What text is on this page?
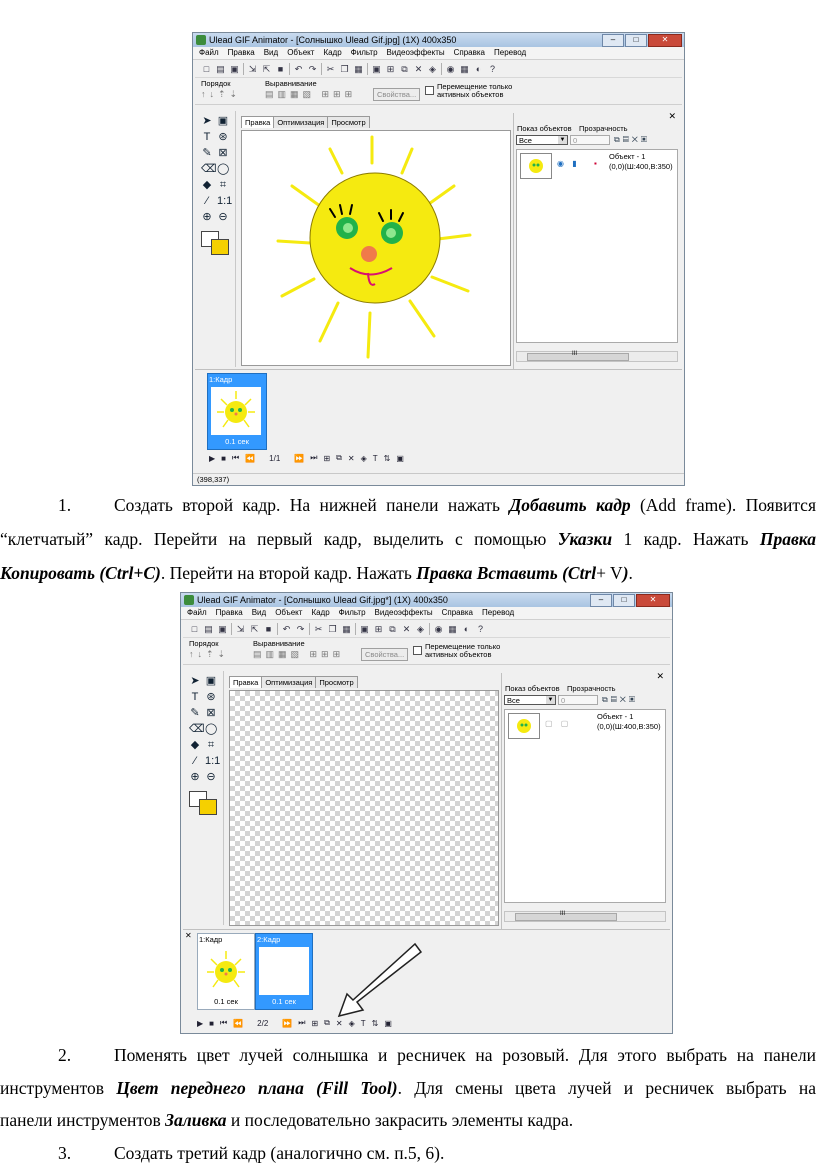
Ulead GIF Animator - [Солнышко Ulead Gif.jpg] (1X) 400x350	–	□	✕
Файл Правка Вид Объект Кадр Фильтр Видеоэффекты Справка Перевод
□ ▤ ▣ ⇲ ⇱ ■	↶ ↷ ✂ ❐ ▦ ▣ ⊞ ⧉ ✕ ◈ ◉ ▦ ◐ ?
Порядок	Выравнивание
↑↓⇡⇣	▤▥▦▧ ⊞⊞⊞	Свойства...
Перемещение только
активных объектов
➤ ▣
T ⊛
✎ ⊠
⌫ ◯
◆ ⌗
⁄ 1:1
⊕ ⊖
Правка Оптимизация Просмотр
Показ объектов Прозрачность
✕
Все ▼	0	⧉▤✕▣
◉ ▮ ▪
Объект - 1
(0,0)(Ш:400,В:350)
III
1:Кадр
0.1 сек
▶ ■ ⏮ ⏪ 1/1 ⏩ ⏭ ⊞ ⧉ ✕ ◈ T ⇅ ▣
(398,337)
1. Создать второй кадр. На нижней панели нажать Добавить кадр (Add frame). Появится
“клетчатый” кадр. Перейти на первый кадр, выделить с помощью Указки 1 кадр. Нажать Правка
Копировать (Ctrl+C). Перейти на второй кадр. Нажать Правка Вставить (Ctrl+ V).
Ulead GIF Animator - [Солнышко Ulead Gif.jpg*] (1X) 400x350	–	□	✕
Файл Правка Вид Объект Кадр Фильтр Видеоэффекты Справка Перевод
□ ▤ ▣ ⇲ ⇱ ■	↶ ↷ ✂ ❐ ▦ ▣ ⊞ ⧉ ✕ ◈ ◉ ▦ ◐ ?
Порядок	Выравнивание
↑↓⇡⇣	▤▥▦▧ ⊞⊞⊞	Свойства...
Перемещение только
активных объектов
➤ ▣
T ⊛
✎ ⊠
⌫ ◯
◆ ⌗
⁄ 1:1
⊕ ⊖
Правка Оптимизация Просмотр
Показ объектов Прозрачность
✕
Все ▼	0	⧉▤✕▣
▢ ▢
Объект - 1
(0,0)(Ш:400,В:350)
III
✕ 1:Кадр
0.1 сек
2:Кадр
0.1 сек
▶ ■ ⏮ ⏪ 2/2 ⏩ ⏭ ⊞ ⧉ ✕ ◈ T ⇅ ▣
2. Поменять цвет лучей солнышка и ресничек на розовый. Для этого выбрать на панели
инструментов Цвет переднего плана (Fill Tool). Для смены цвета лучей и ресничек выбрать на
панели инструментов Заливка и последовательно закрасить элементы кадра.
3. Создать третий кадр (аналогично см. п.5, 6).
